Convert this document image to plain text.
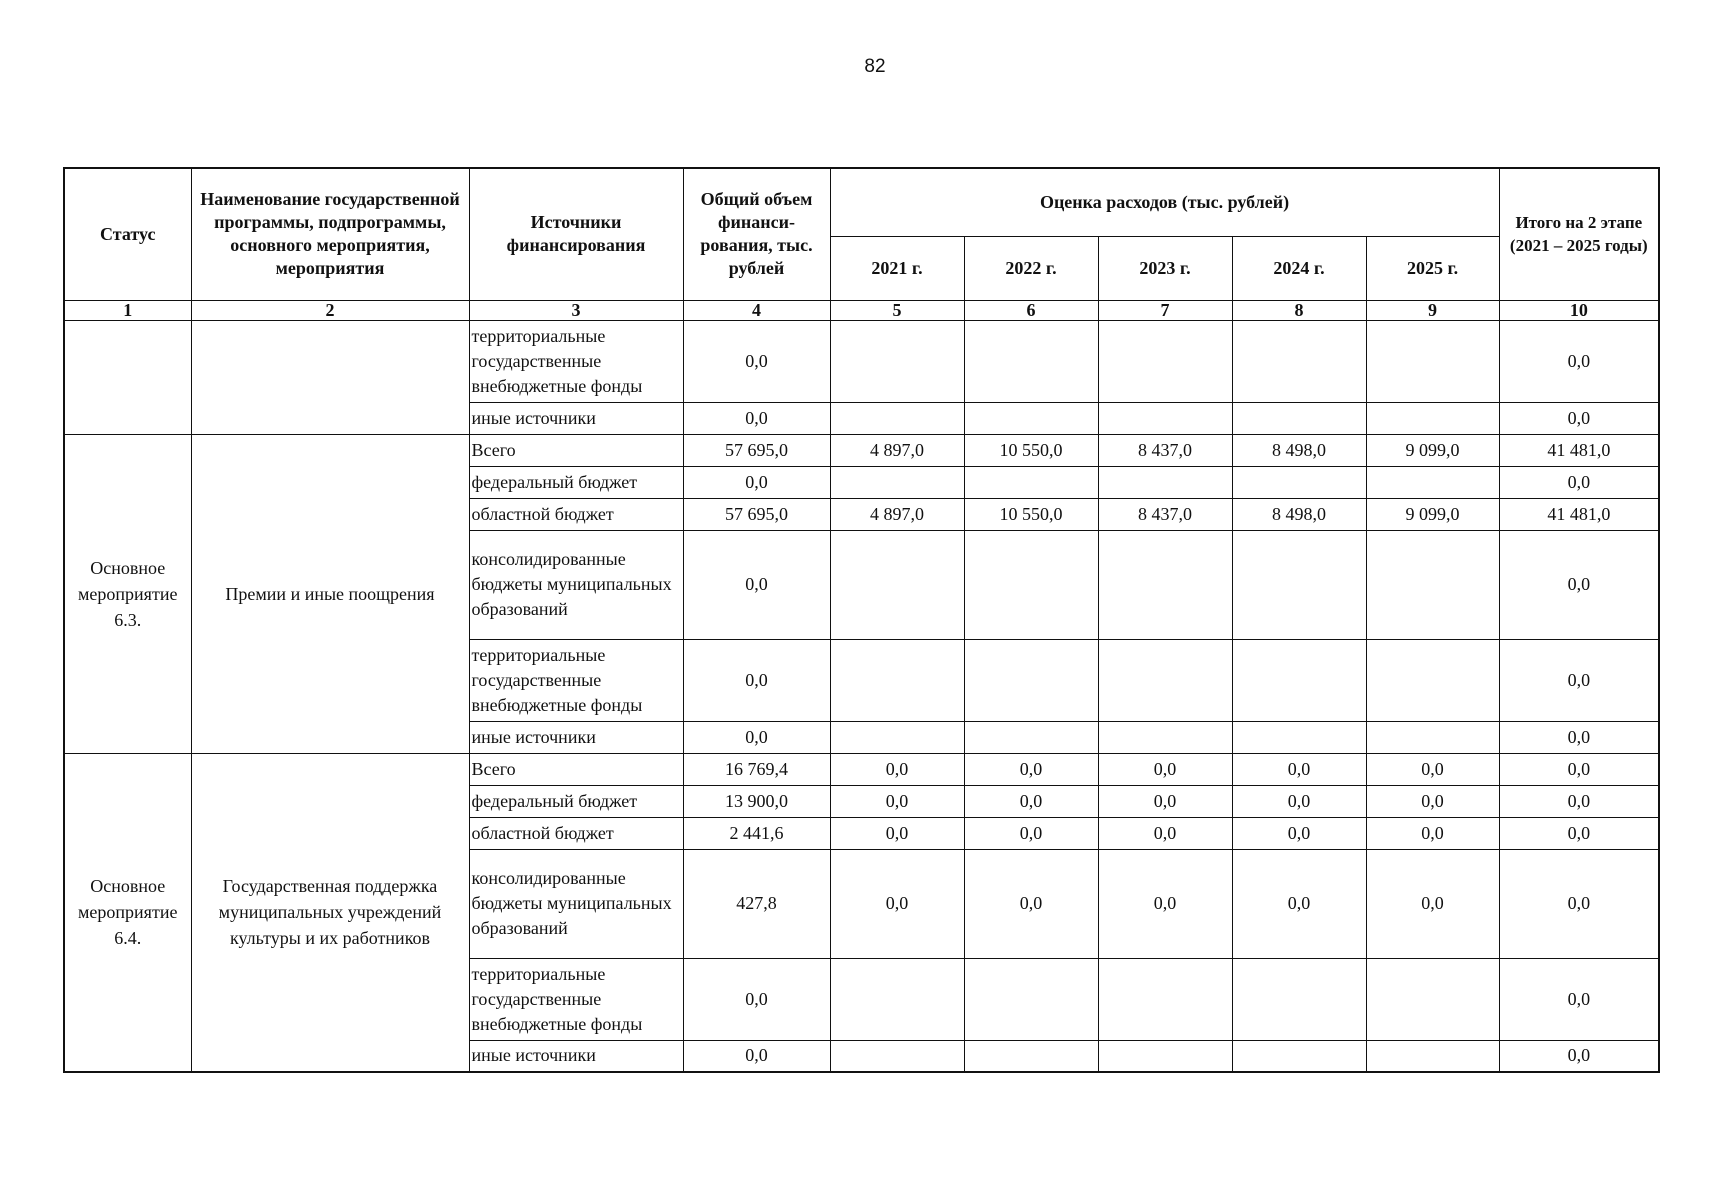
82
Статус	Наименование государственной программы, подпрограммы, основного мероприятия, мероприятия	Источники финансирования	Общий объем финанси-рования, тыс. рублей	Оценка расходов (тыс. рублей)					Итого на 2 этапе (2021 – 2025 годы)
				2021 г.	2022 г.	2023 г.	2024 г.	2025 г.	
1	2	3	4	5	6	7	8	9	10
		территориальные государственные внебюджетные фонды	0,0						0,0
		иные источники	0,0						0,0
Основное мероприятие 6.3.	Премии и иные поощрения	Всего	57 695,0	4 897,0	10 550,0	8 437,0	8 498,0	9 099,0	41 481,0
		федеральный бюджет	0,0						0,0
		областной бюджет	57 695,0	4 897,0	10 550,0	8 437,0	8 498,0	9 099,0	41 481,0
		консолидированные бюджеты муниципальных образований	0,0						0,0
		территориальные государственные внебюджетные фонды	0,0						0,0
		иные источники	0,0						0,0
Основное мероприятие 6.4.	Государственная поддержка муниципальных учреждений культуры и их работников	Всего	16 769,4	0,0	0,0	0,0	0,0	0,0	0,0
		федеральный бюджет	13 900,0	0,0	0,0	0,0	0,0	0,0	0,0
		областной бюджет	2 441,6	0,0	0,0	0,0	0,0	0,0	0,0
		консолидированные бюджеты муниципальных образований	427,8	0,0	0,0	0,0	0,0	0,0	0,0
		территориальные государственные внебюджетные фонды	0,0						0,0
		иные источники	0,0						0,0
